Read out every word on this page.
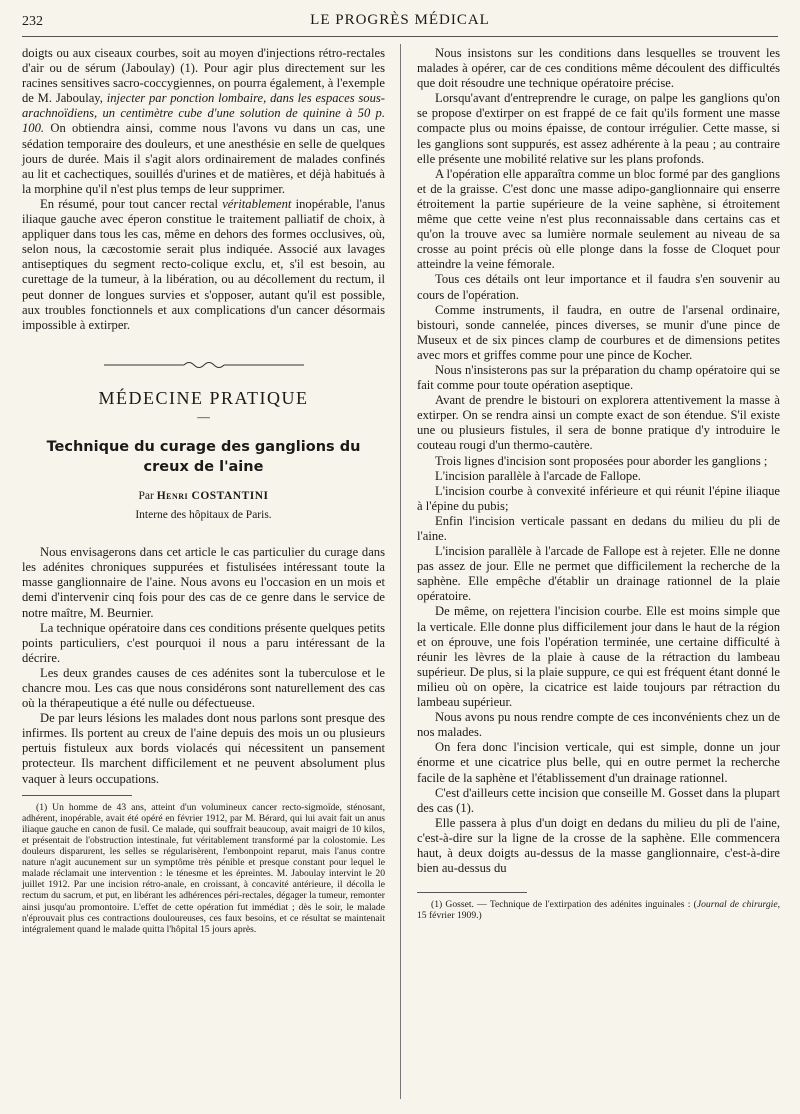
232	LE PROGRÈS MÉDICAL

doigts ou aux ciseaux courbes, soit au moyen d'injections rétro-rectales d'air ou de sérum (Jaboulay) (1). Pour agir plus directement sur les racines sensitives sacro-coccygiennes, on pourra également, à l'exemple de M. Jaboulay, injecter par ponction lombaire, dans les espaces sous-arachnoïdiens, un centimètre cube d'une solution de quinine à 50 p. 100. On obtiendra ainsi, comme nous l'avons vu dans un cas, une sédation temporaire des douleurs, et une anesthésie en selle de quelques jours de durée. Mais il s'agit alors ordinairement de malades confinés au lit et cachectiques, souillés d'urines et de matières, et déjà habitués à la morphine qu'il n'est plus temps de leur supprimer.

En résumé, pour tout cancer rectal véritablement inopérable, l'anus iliaque gauche avec éperon constitue le traitement palliatif de choix, à appliquer dans tous les cas, même en dehors des formes occlusives, où, selon nous, la cæcostomie serait plus indiquée. Associé aux lavages antiseptiques du segment recto-colique exclu, et, s'il est besoin, au curettage de la tumeur, à la libération, ou au décollement du rectum, il peut donner de longues survies et s'opposer, autant qu'il est possible, aux troubles fonctionnels et aux complications d'un cancer désormais impossible à extirper.

MÉDECINE PRATIQUE
—
Technique du curage des ganglions du creux de l'aine
Par Henri COSTANTINI
Interne des hôpitaux de Paris.

Nous envisagerons dans cet article le cas particulier du curage dans les adénites chroniques suppurées et fistulisées intéressant toute la masse ganglionnaire de l'aine. Nous avons eu l'occasion en un mois et demi d'intervenir cinq fois pour des cas de ce genre dans le service de notre maître, M. Beurnier.

La technique opératoire dans ces conditions présente quelques petits points particuliers, c'est pourquoi il nous a paru intéressant de la décrire.

Les deux grandes causes de ces adénites sont la tuberculose et le chancre mou. Les cas que nous considérons sont naturellement des cas où la thérapeutique a été nulle ou défectueuse.

De par leurs lésions les malades dont nous parlons sont presque des infirmes. Ils portent au creux de l'aine depuis des mois un ou plusieurs pertuis fistuleux aux bords violacés qui nécessitent un pansement protecteur. Ils marchent difficilement et ne peuvent absolument plus vaquer à leurs occupations.

(1) Un homme de 43 ans, atteint d'un volumineux cancer recto-sigmoïde, sténosant, adhérent, inopérable, avait été opéré en février 1912, par M. Bérard, qui lui avait fait un anus iliaque gauche en canon de fusil. Ce malade, qui souffrait beaucoup, avait maigri de 10 kilos, et présentait de l'obstruction intestinale, fut véritablement transformé par la colostomie. Les douleurs disparurent, les selles se régularisèrent, l'embonpoint reparut, mais l'anus contre nature n'agit aucunement sur un symptôme très pénible et presque constant pour lequel le malade réclamait une intervention : le ténesme et les épreintes. M. Jaboulay intervint le 20 juillet 1912. Par une incision rétro-anale, en croissant, à concavité antérieure, il décolla le rectum du sacrum, et put, en libérant les adhérences péri-rectales, dégager la tumeur, remonter ainsi jusqu'au promontoire. L'effet de cette opération fut immédiat ; dès le soir, le malade n'éprouvait plus ces contractions douloureuses, ces faux besoins, et ce résultat se maintenait intégralement quand le malade quitta l'hôpital 15 jours après.

Nous insistons sur les conditions dans lesquelles se trouvent les malades à opérer, car de ces conditions même découlent des difficultés que doit résoudre une technique opératoire précise.

Lorsqu'avant d'entreprendre le curage, on palpe les ganglions qu'on se propose d'extirper on est frappé de ce fait qu'ils forment une masse compacte plus ou moins épaisse, de contour irrégulier. Cette masse, si les ganglions sont suppurés, est assez adhérente à la peau ; au contraire elle présente une mobilité relative sur les plans profonds.

A l'opération elle apparaîtra comme un bloc formé par des ganglions et de la graisse. C'est donc une masse adipo-ganglionnaire qui enserre étroitement la partie supérieure de la veine saphène, si étroitement même que cette veine n'est plus reconnaissable dans certains cas et qu'on la trouve avec sa lumière normale seulement au niveau de sa crosse au point précis où elle plonge dans la fosse de Cloquet pour atteindre la veine fémorale.

Tous ces détails ont leur importance et il faudra s'en souvenir au cours de l'opération.

Comme instruments, il faudra, en outre de l'arsenal ordinaire, bistouri, sonde cannelée, pinces diverses, se munir d'une pince de Museux et de six pinces clamp de courbures et de dimensions petites avec mors et griffes comme pour une pince de Kocher.

Nous n'insisterons pas sur la préparation du champ opératoire qui se fait comme pour toute opération aseptique.

Avant de prendre le bistouri on explorera attentivement la masse à extirper. On se rendra ainsi un compte exact de son étendue. S'il existe une ou plusieurs fistules, il sera de bonne pratique d'y introduire le couteau rougi d'un thermo-cautère.

Trois lignes d'incision sont proposées pour aborder les ganglions ;

L'incision parallèle à l'arcade de Fallope.

L'incision courbe à convexité inférieure et qui réunit l'épine iliaque à l'épine du pubis;

Enfin l'incision verticale passant en dedans du milieu du pli de l'aine.

L'incision parallèle à l'arcade de Fallope est à rejeter. Elle ne donne pas assez de jour. Elle ne permet que difficilement la recherche de la saphène. Elle empêche d'établir un drainage rationnel de la plaie opératoire.

De même, on rejettera l'incision courbe. Elle est moins simple que la verticale. Elle donne plus difficilement jour dans le haut de la région et on éprouve, une fois l'opération terminée, une certaine difficulté à réunir les lèvres de la plaie à cause de la rétraction du lambeau supérieur. De plus, si la plaie suppure, ce qui est fréquent étant donné le milieu où on opère, la cicatrice est laide toujours par rétraction du lambeau supérieur.

Nous avons pu nous rendre compte de ces inconvénients chez un de nos malades.

On fera donc l'incision verticale, qui est simple, donne un jour énorme et une cicatrice plus belle, qui en outre permet la recherche facile de la saphène et l'établissement d'un drainage rationnel.

C'est d'ailleurs cette incision que conseille M. Gosset dans la plupart des cas (1).

Elle passera à plus d'un doigt en dedans du milieu du pli de l'aine, c'est-à-dire sur la ligne de la crosse de la saphène. Elle commencera haut, à deux doigts au-dessus de la masse ganglionnaire, c'est-à-dire bien au-dessus du

(1) Gosset. — Technique de l'extirpation des adénites inguinales : (Journal de chirurgie, 15 février 1909.)
